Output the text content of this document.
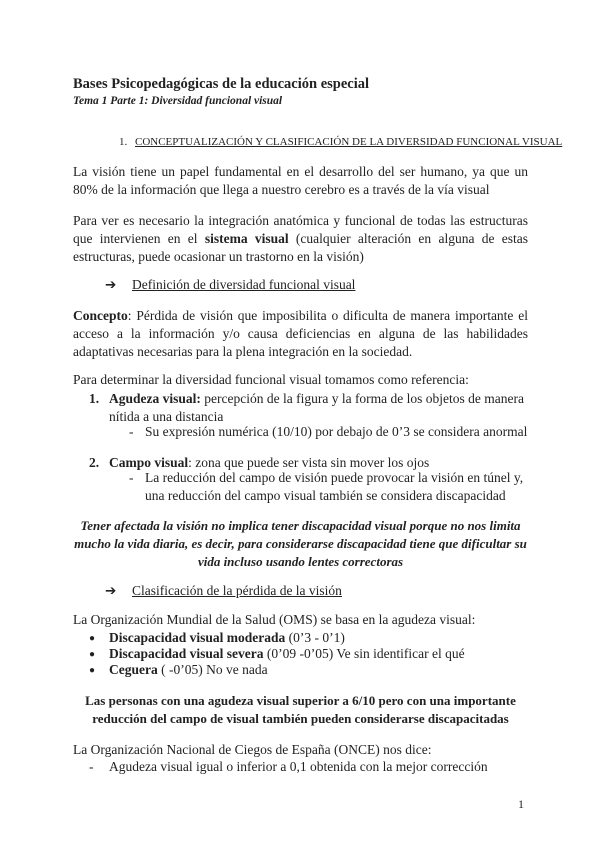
Bases Psicopedagógicas de la educación especial
Tema 1 Parte 1: Diversidad funcional visual
1. CONCEPTUALIZACIÓN Y CLASIFICACIÓN DE LA DIVERSIDAD FUNCIONAL VISUAL
La visión tiene un papel fundamental en el desarrollo del ser humano, ya que un
80% de la información que llega a nuestro cerebro es a través de la vía visual
Para ver es necesario la integración anatómica y funcional de todas las estructuras
que intervienen en el sistema visual (cualquier alteración en alguna de estas
estructuras, puede ocasionar un trastorno en la visión)
➔ Definición de diversidad funcional visual
Concepto: Pérdida de visión que imposibilita o dificulta de manera importante el
acceso a la información y/o causa deficiencias en alguna de las habilidades
adaptativas necesarias para la plena integración en la sociedad.
Para determinar la diversidad funcional visual tomamos como referencia:
1. Agudeza visual: percepción de la figura y la forma de los objetos de manera
nítida a una distancia
- Su expresión numérica (10/10) por debajo de 0’3 se considera anormal
2. Campo visual: zona que puede ser vista sin mover los ojos
- La reducción del campo de visión puede provocar la visión en túnel y,
una reducción del campo visual también se considera discapacidad
Tener afectada la visión no implica tener discapacidad visual porque no nos limita
mucho la vida diaria, es decir, para considerarse discapacidad tiene que dificultar su
vida incluso usando lentes correctoras
➔ Clasificación de la pérdida de la visión
La Organización Mundial de la Salud (OMS) se basa en la agudeza visual:
● Discapacidad visual moderada (0’3 - 0’1)
● Discapacidad visual severa (0’09 -0’05) Ve sin identificar el qué
● Ceguera ( -0’05) No ve nada
Las personas con una agudeza visual superior a 6/10 pero con una importante
reducción del campo de visual también pueden considerarse discapacitadas
La Organización Nacional de Ciegos de España (ONCE) nos dice:
- Agudeza visual igual o inferior a 0,1 obtenida con la mejor corrección
1
